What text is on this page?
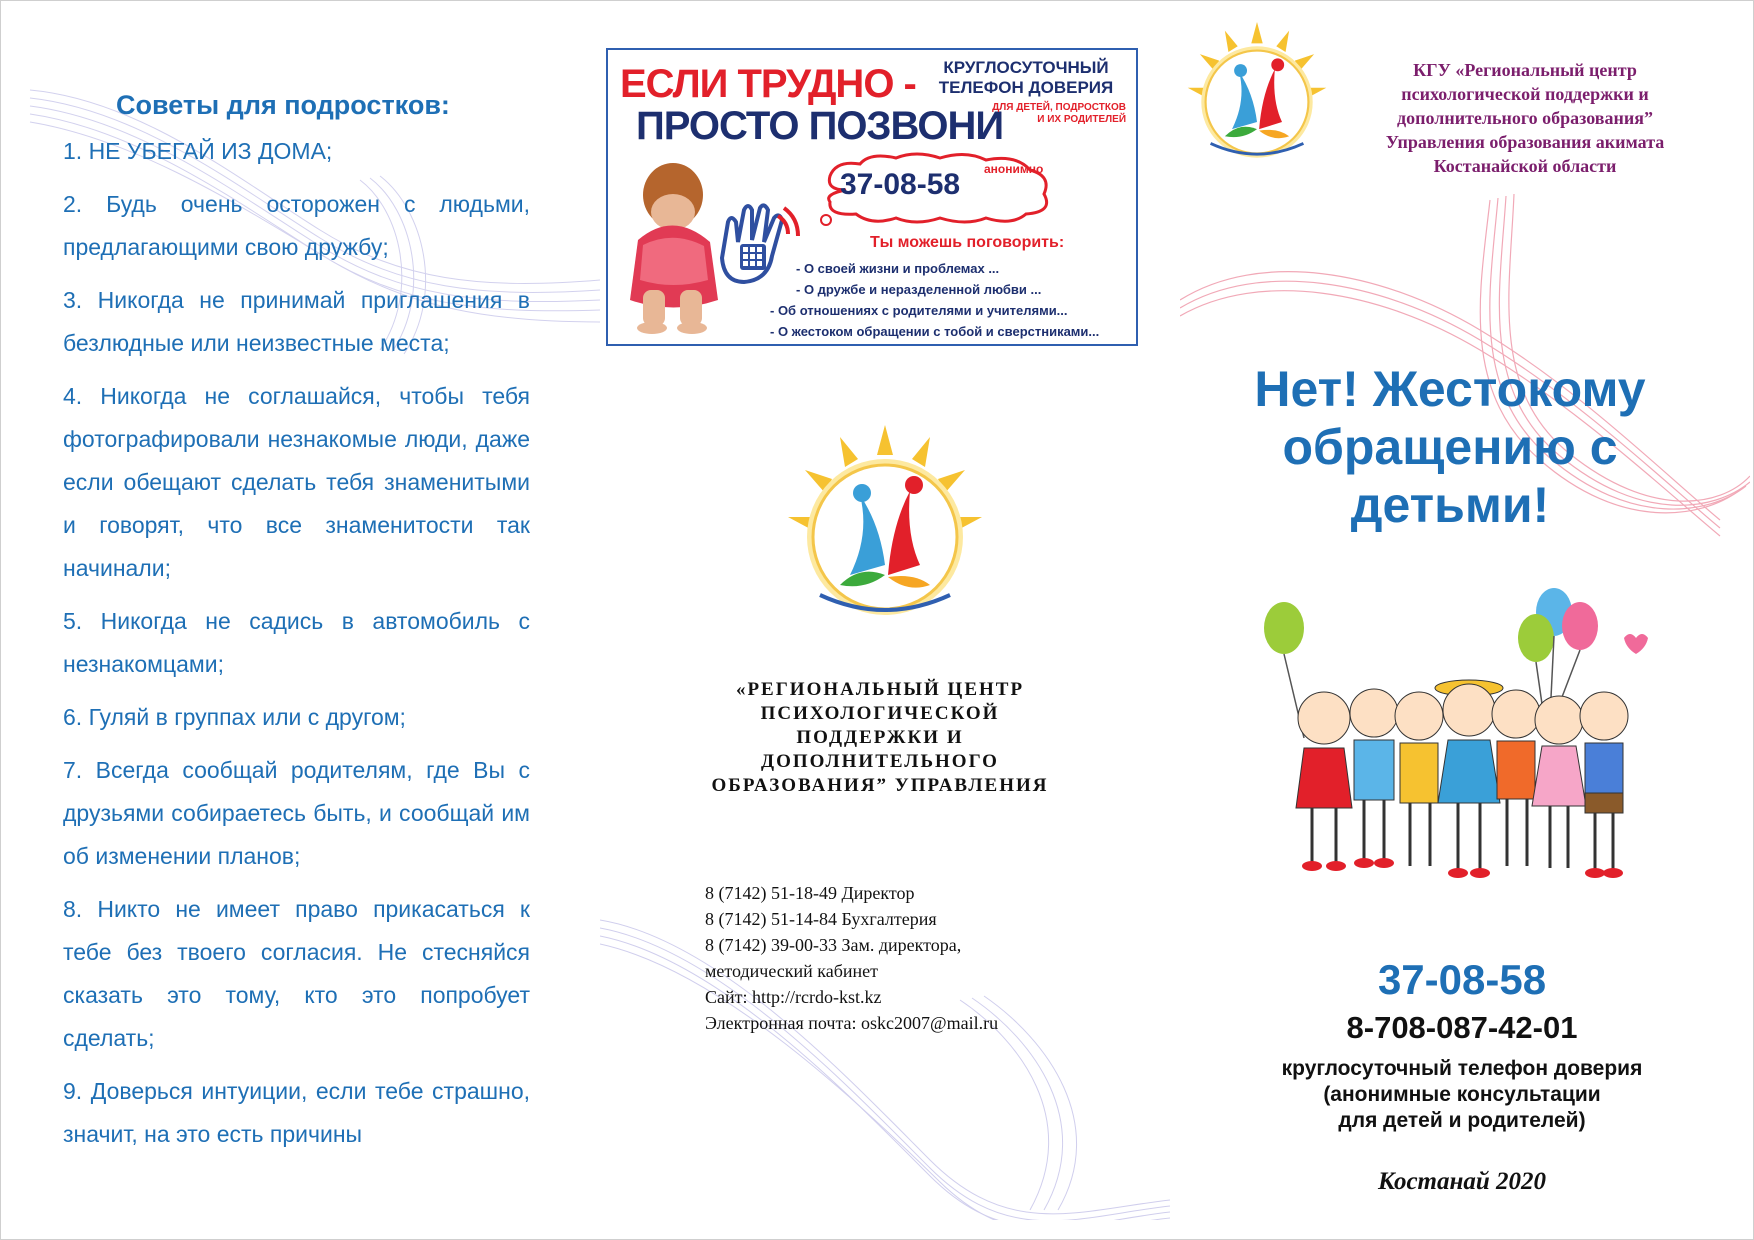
Советы для подростков:
1. НЕ УБЕГАЙ ИЗ ДОМА;
2. Будь очень осторожен с людьми, предлагающими свою дружбу;
3. Никогда не принимай приглашения в безлюдные или неизвестные места;
4. Никогда не соглашайся, чтобы тебя фотографировали незнакомые люди, даже если обещают сделать тебя знаменитыми и говорят, что все знаменитости так начинали;
5. Никогда не садись в автомобиль с незнакомцами;
6. Гуляй в группах или с другом;
7. Всегда сообщай родителям, где Вы с друзьями собираетесь быть, и сообщай им об изменении планов;
8. Никто не имеет право прикасаться к тебе без твоего согласия. Не стесняйся сказать это тому, кто это попробует сделать;
9. Доверься интуиции, если тебе страшно, значит, на это есть причины
ЕСЛИ ТРУДНО -
ПРОСТО ПОЗВОНИ
КРУГЛОСУТОЧНЫЙ
ТЕЛЕФОН ДОВЕРИЯ
ДЛЯ ДЕТЕЙ, ПОДРОСТКОВ
И ИХ РОДИТЕЛЕЙ
37-08-58 анонимно
Ты можешь поговорить:
- О своей жизни и проблемах ...
- О дружбе и неразделенной любви ...
- Об отношениях с родителями и учителями...
- О жестоком обращении с тобой и сверстниками...
«РЕГИОНАЛЬНЫЙ ЦЕНТР
ПСИХОЛОГИЧЕСКОЙ
ПОДДЕРЖКИ И
ДОПОЛНИТЕЛЬНОГО
ОБРАЗОВАНИЯ” УПРАВЛЕНИЯ
8 (7142) 51-18-49 Директор
8 (7142) 51-14-84 Бухгалтерия
8 (7142) 39-00-33 Зам. директора,
методический кабинет
Сайт: http://rcrdo-kst.kz
Электронная почта: oskc2007@mail.ru
КГУ «Региональный центр
психологической поддержки и
дополнительного образования”
Управления образования акимата
Костанайской области
Нет! Жестокому
обращению с
детьми!
37-08-58
8-708-087-42-01
круглосуточный телефон доверия
(анонимные консультации
для детей и родителей)
Костанай 2020
